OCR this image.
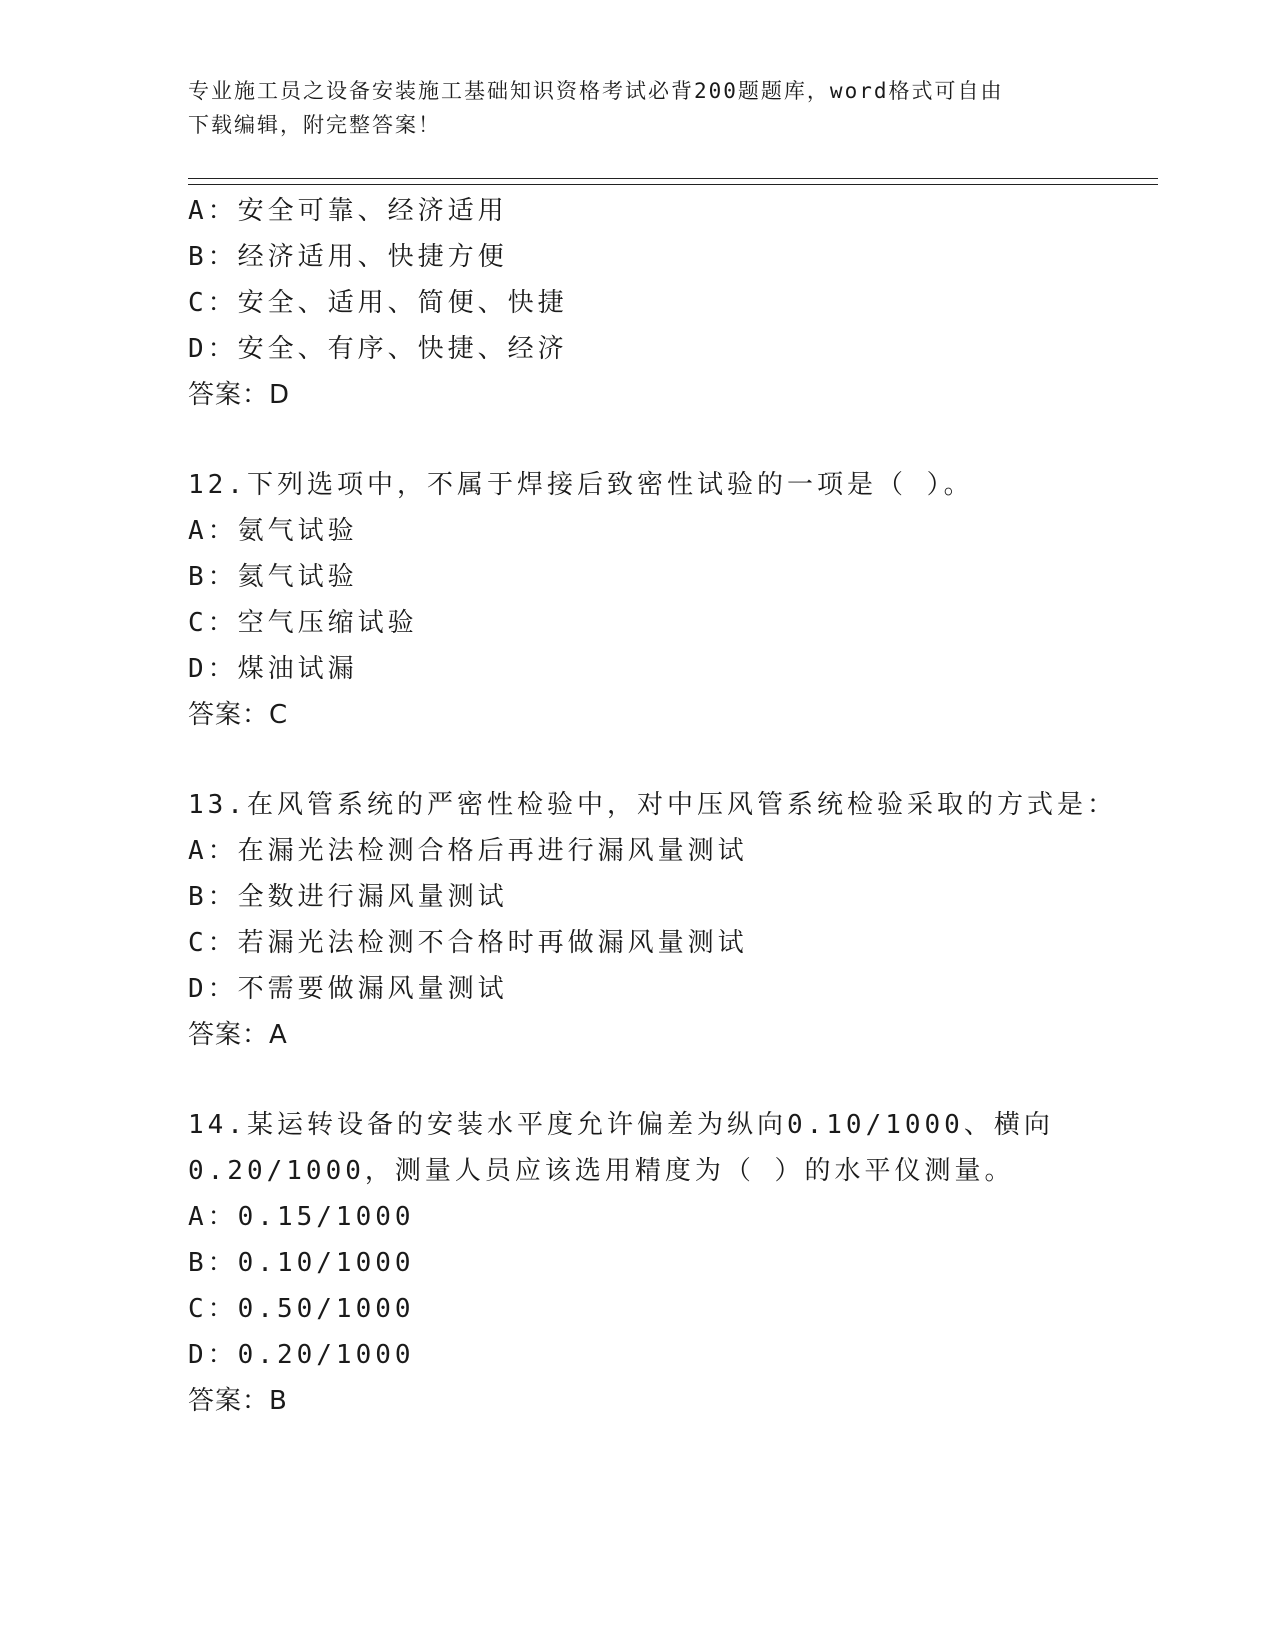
专业施工员之设备安装施工基础知识资格考试必背200题题库，word格式可自由
下载编辑，附完整答案！
A：安全可靠、经济适用
B：经济适用、快捷方便
C：安全、适用、简便、快捷
D：安全、有序、快捷、经济
答案：D
12.下列选项中，不属于焊接后致密性试验的一项是（ ）。
A：氨气试验
B：氦气试验
C：空气压缩试验
D：煤油试漏
答案：C
13.在风管系统的严密性检验中，对中压风管系统检验采取的方式是：
A：在漏光法检测合格后再进行漏风量测试
B：全数进行漏风量测试
C：若漏光法检测不合格时再做漏风量测试
D：不需要做漏风量测试
答案：A
14.某运转设备的安装水平度允许偏差为纵向0.10/1000、横向
0.20/1000，测量人员应该选用精度为（ ）的水平仪测量。
A：0.15/1000
B：0.10/1000
C：0.50/1000
D：0.20/1000
答案：B
